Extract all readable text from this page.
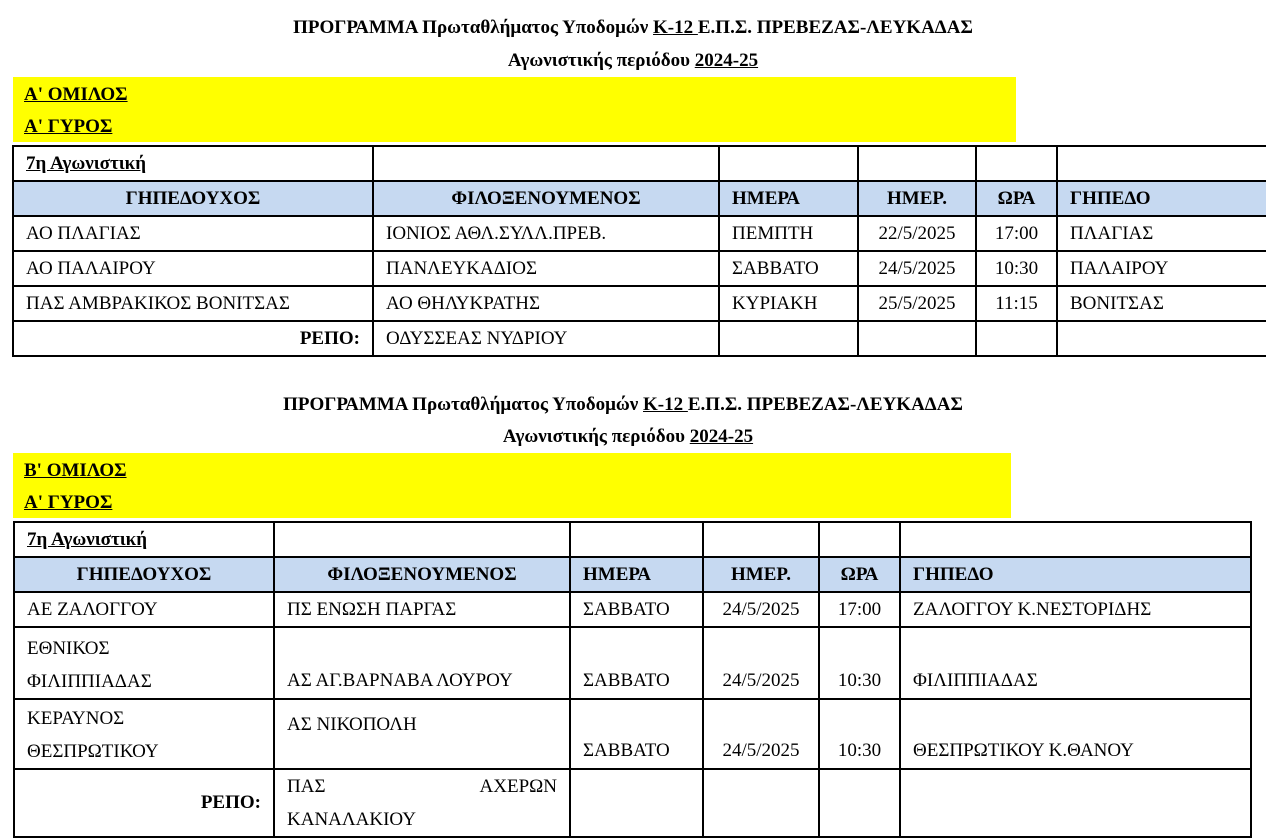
ΠΡΟΓΡΑΜΜΑ Πρωταθλήματος Υποδομών Κ-12 Ε.Π.Σ. ΠΡΕΒΕΖΑΣ-ΛΕΥΚΑΔΑΣ
Αγωνιστικής περιόδου 2024-25
Α' ΟΜΙΛΟΣ
Α' ΓΥΡΟΣ
7η Αγωνιστική					
ΓΗΠΕΔΟΥΧΟΣ	ΦΙΛΟΞΕΝΟΥΜΕΝΟΣ	ΗΜΕΡΑ	ΗΜΕΡ.	ΩΡΑ	ΓΗΠΕΔΟ
ΑΟ ΠΛΑΓΙΑΣ	ΙΟΝΙΟΣ ΑΘΛ.ΣΥΛΛ.ΠΡΕΒ.	ΠΕΜΠΤΗ	22/5/2025	17:00	ΠΛΑΓΙΑΣ
ΑΟ ΠΑΛΑΙΡΟΥ	ΠΑΝΛΕΥΚΑΔΙΟΣ	ΣΑΒΒΑΤΟ	24/5/2025	10:30	ΠΑΛΑΙΡΟΥ
ΠΑΣ ΑΜΒΡΑΚΙΚΟΣ ΒΟΝΙΤΣΑΣ	ΑΟ ΘΗΛΥΚΡΑΤΗΣ	ΚΥΡΙΑΚΗ	25/5/2025	11:15	ΒΟΝΙΤΣΑΣ
ΡΕΠΟ:	ΟΔΥΣΣΕΑΣ ΝΥΔΡΙΟΥ				
ΠΡΟΓΡΑΜΜΑ Πρωταθλήματος Υποδομών Κ-12 Ε.Π.Σ. ΠΡΕΒΕΖΑΣ-ΛΕΥΚΑΔΑΣ
Αγωνιστικής περιόδου 2024-25
Β' ΟΜΙΛΟΣ
Α' ΓΥΡΟΣ
7η Αγωνιστική					
ΓΗΠΕΔΟΥΧΟΣ	ΦΙΛΟΞΕΝΟΥΜΕΝΟΣ	ΗΜΕΡΑ	ΗΜΕΡ.	ΩΡΑ	ΓΗΠΕΔΟ
ΑΕ ΖΑΛΟΓΓΟΥ	ΠΣ ΕΝΩΣΗ ΠΑΡΓΑΣ	ΣΑΒΒΑΤΟ	24/5/2025	17:00	ΖΑΛΟΓΓΟΥ Κ.ΝΕΣΤΟΡΙΔΗΣ

ΕΘΝΙΚΟΣ
ΦΙΛΙΠΠΙΑΔΑΣ	ΑΣ ΑΓ.ΒΑΡΝΑΒΑ ΛΟΥΡΟΥ	ΣΑΒΒΑΤΟ	24/5/2025	10:30	ΦΙΛΙΠΠΙΑΔΑΣ

ΚΕΡΑΥΝΟΣ
ΘΕΣΠΡΩΤΙΚΟΥ	ΑΣ ΝΙΚΟΠΟΛΗ	ΣΑΒΒΑΤΟ	24/5/2025	10:30	ΘΕΣΠΡΩΤΙΚΟΥ Κ.ΘΑΝΟΥ
ΡΕΠΟ:	ΠΑΣ ΑΧΕΡΩΝ
ΚΑΝΑΛΑΚΙΟΥ				
